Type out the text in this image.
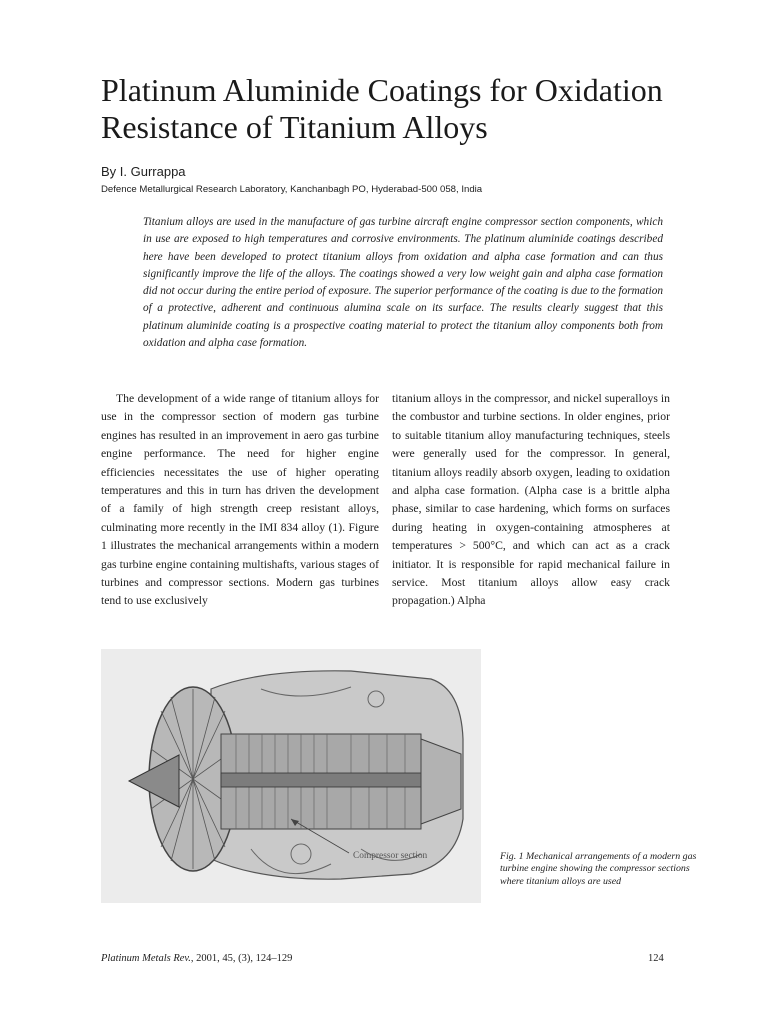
Platinum Aluminide Coatings for Oxidation Resistance of Titanium Alloys
By I. Gurrappa
Defence Metallurgical Research Laboratory, Kanchanbagh PO, Hyderabad-500 058, India

Titanium alloys are used in the manufacture of gas turbine aircraft engine compressor section components, which in use are exposed to high temperatures and corrosive environments. The platinum aluminide coatings described here have been developed to protect titanium alloys from oxidation and alpha case formation and can thus significantly improve the life of the alloys. The coatings showed a very low weight gain and alpha case formation did not occur during the entire period of exposure. The superior performance of the coating is due to the formation of a protective, adherent and continuous alumina scale on its surface. The results clearly suggest that this platinum aluminide coating is a prospective coating material to protect the titanium alloy components both from oxidation and alpha case formation.

The development of a wide range of titanium alloys for use in the compressor section of modern gas turbine engines has resulted in an improvement in aero gas turbine engine performance. The need for higher engine efficiencies necessitates the use of higher operating temperatures and this in turn has driven the development of a family of high strength creep resistant alloys, culminating more recently in the IMI 834 alloy (1). Figure 1 illustrates the mechanical arrangements within a modern gas turbine engine containing multishafts, various stages of turbines and compressor sections. Modern gas turbines tend to use exclusively

titanium alloys in the compressor, and nickel superalloys in the combustor and turbine sections. In older engines, prior to suitable titanium alloy manufacturing techniques, steels were generally used for the compressor. In general, titanium alloys readily absorb oxygen, leading to oxidation and alpha case formation. (Alpha case is a brittle alpha phase, similar to case hardening, which forms on surfaces during heating in oxygen-containing atmospheres at temperatures > 500°C, and which can act as a crack initiator. It is responsible for rapid mechanical failure in service. Most titanium alloys allow easy crack propagation.) Alpha

Compressor section	Fig. 1 Mechanical arrangements of a modern gas turbine engine showing the compressor sections where titanium alloys are used
Platinum Metals Rev., 2001, 45, (3), 124–129	124
